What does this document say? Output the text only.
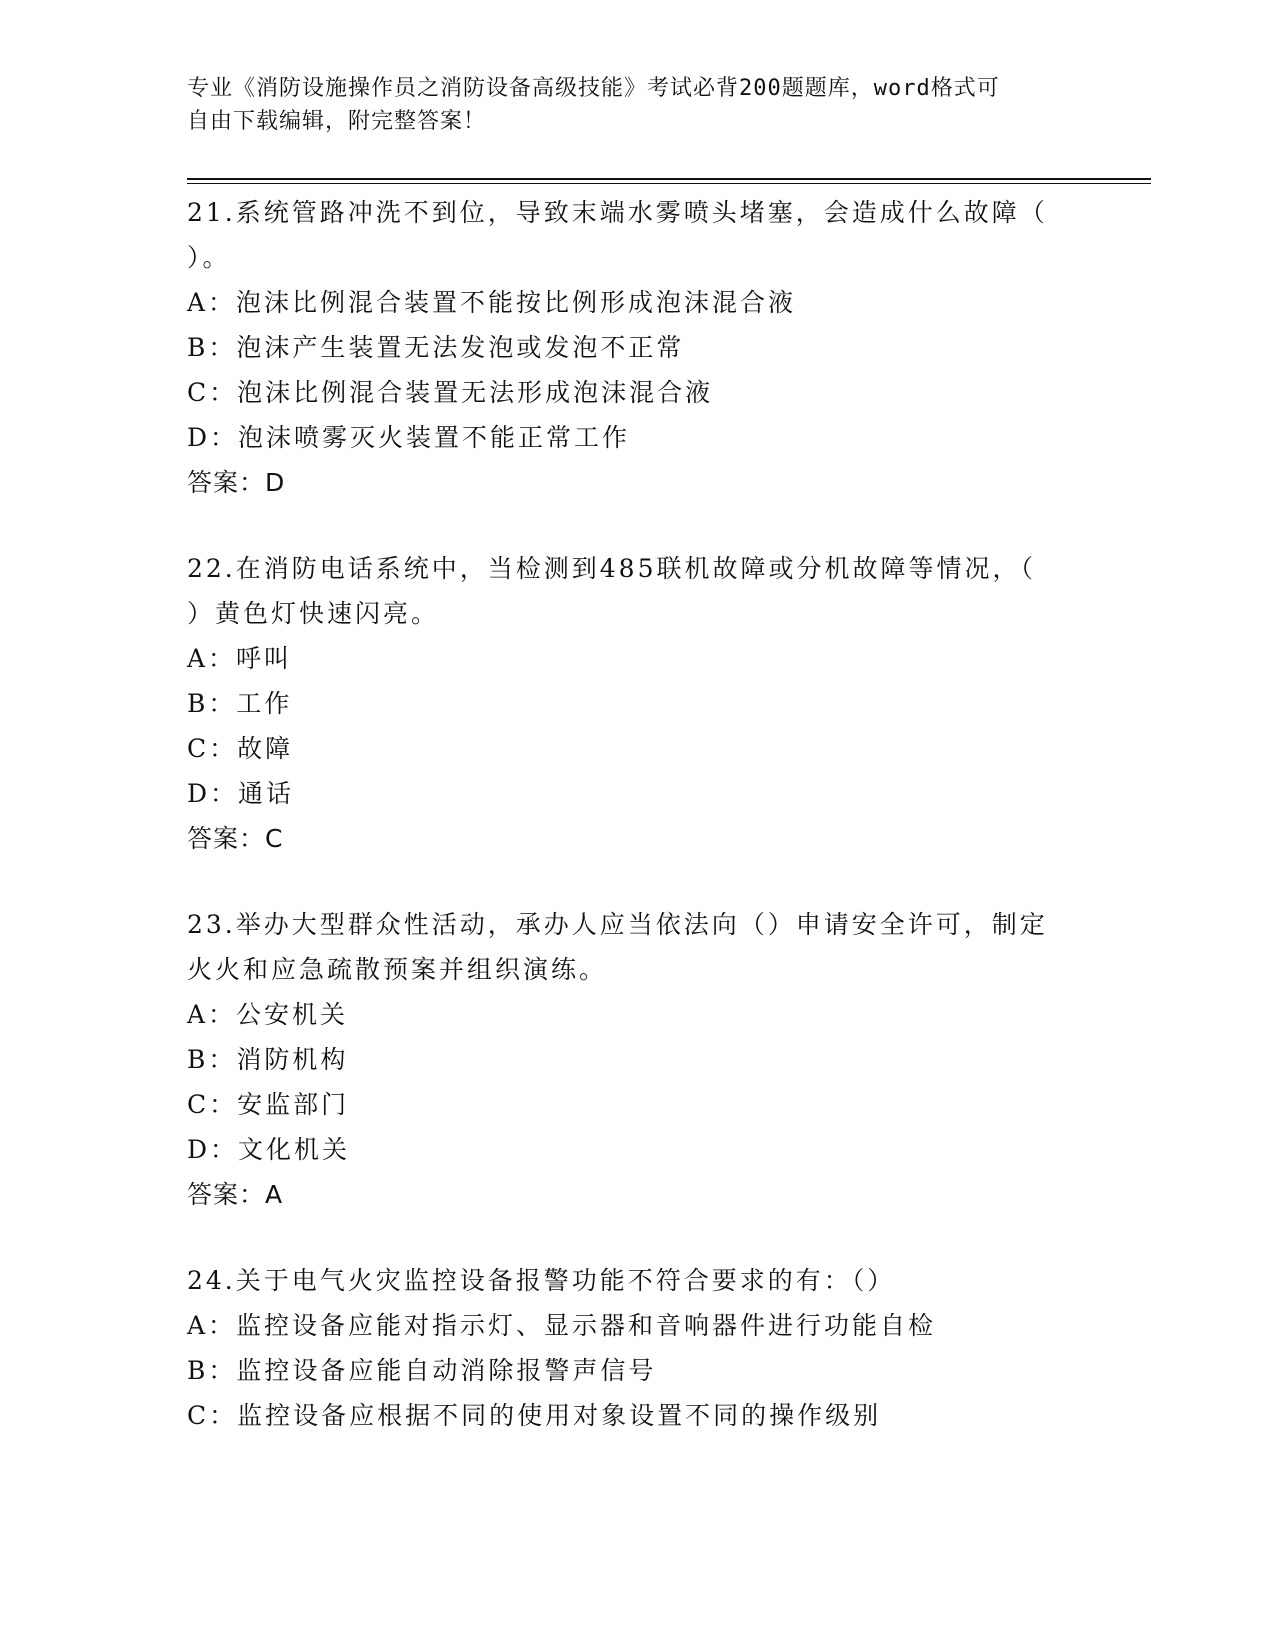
专业《消防设施操作员之消防设备高级技能》考试必背200题题库，word格式可
自由下载编辑，附完整答案！

21.系统管路冲洗不到位，导致末端水雾喷头堵塞，会造成什么故障（

）。

A：泡沫比例混合装置不能按比例形成泡沫混合液

B：泡沫产生装置无法发泡或发泡不正常

C：泡沫比例混合装置无法形成泡沫混合液

D：泡沫喷雾灭火装置不能正常工作

答案：D

22.在消防电话系统中，当检测到485联机故障或分机故障等情况，（

）黄色灯快速闪亮。

A：呼叫

B：工作

C：故障

D：通话

答案：C

23.举办大型群众性活动，承办人应当依法向（）申请安全许可，制定

火火和应急疏散预案并组织演练。

A：公安机关

B：消防机构

C：安监部门

D：文化机关

答案：A

24.关于电气火灾监控设备报警功能不符合要求的有：（）

A：监控设备应能对指示灯、显示器和音响器件进行功能自检

B：监控设备应能自动消除报警声信号

C：监控设备应根据不同的使用对象设置不同的操作级别
